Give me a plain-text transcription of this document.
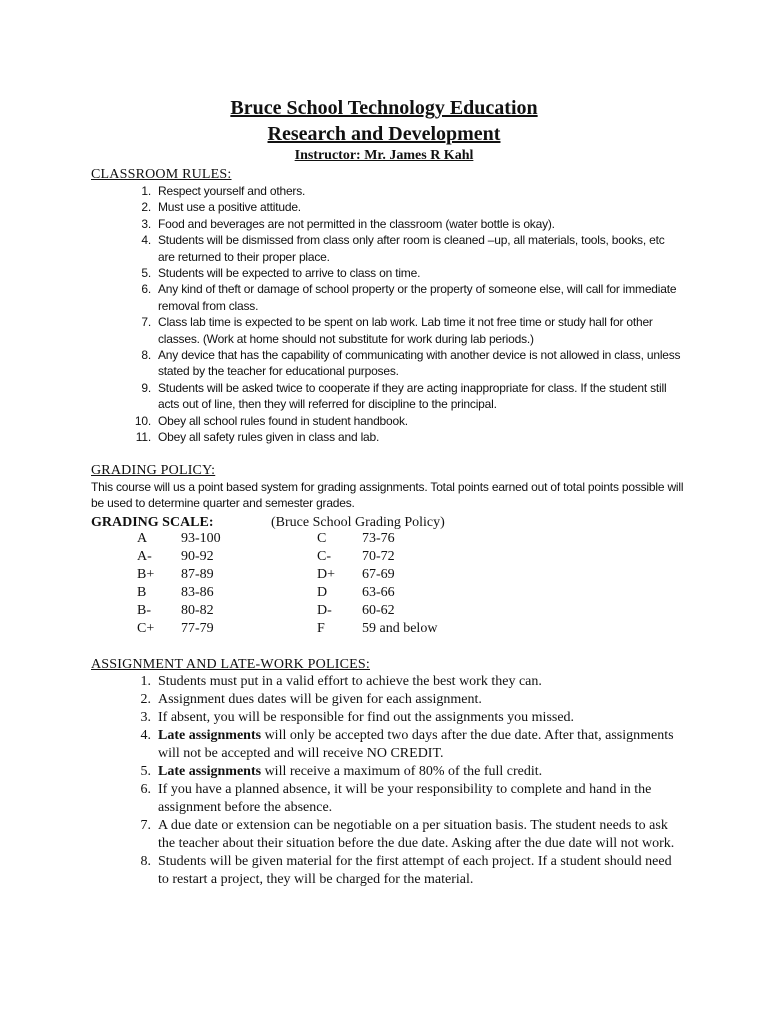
Bruce School Technology Education
Research and Development
Instructor: Mr. James R Kahl
CLASSROOM RULES:
1. Respect yourself and others.
2. Must use a positive attitude.
3. Food and beverages are not permitted in the classroom (water bottle is okay).
4. Students will be dismissed from class only after room is cleaned –up, all materials, tools, books, etc are returned to their proper place.
5. Students will be expected to arrive to class on time.
6. Any kind of theft or damage of school property or the property of someone else, will call for immediate removal from class.
7. Class lab time is expected to be spent on lab work. Lab time it not free time or study hall for other classes. (Work at home should not substitute for work during lab periods.)
8. Any device that has the capability of communicating with another device is not allowed in class, unless stated by the teacher for educational purposes.
9. Students will be asked twice to cooperate if they are acting inappropriate for class. If the student still acts out of line, then they will referred for discipline to the principal.
10. Obey all school rules found in student handbook.
11. Obey all safety rules given in class and lab.
GRADING POLICY:
This course will us a point based system for grading assignments. Total points earned out of total points possible will be used to determine quarter and semester grades.
GRADING SCALE:	(Bruce School Grading Policy)
A 93-100	C	73-76
A- 90-92	C- 70-72
B+ 87-89	D+ 67-69
B 83-86	D 63-66
B- 80-82	D- 60-62
C+ 77-79	F	59 and below
ASSIGNMENT AND LATE-WORK POLICES:
1. Students must put in a valid effort to achieve the best work they can.
2. Assignment dues dates will be given for each assignment.
3. If absent, you will be responsible for find out the assignments you missed.
4. Late assignments will only be accepted two days after the due date. After that, assignments will not be accepted and will receive NO CREDIT.
5. Late assignments will receive a maximum of 80% of the full credit.
6. If you have a planned absence, it will be your responsibility to complete and hand in the assignment before the absence.
7. A due date or extension can be negotiable on a per situation basis. The student needs to ask the teacher about their situation before the due date. Asking after the due date will not work.
8. Students will be given material for the first attempt of each project. If a student should need to restart a project, they will be charged for the material.
